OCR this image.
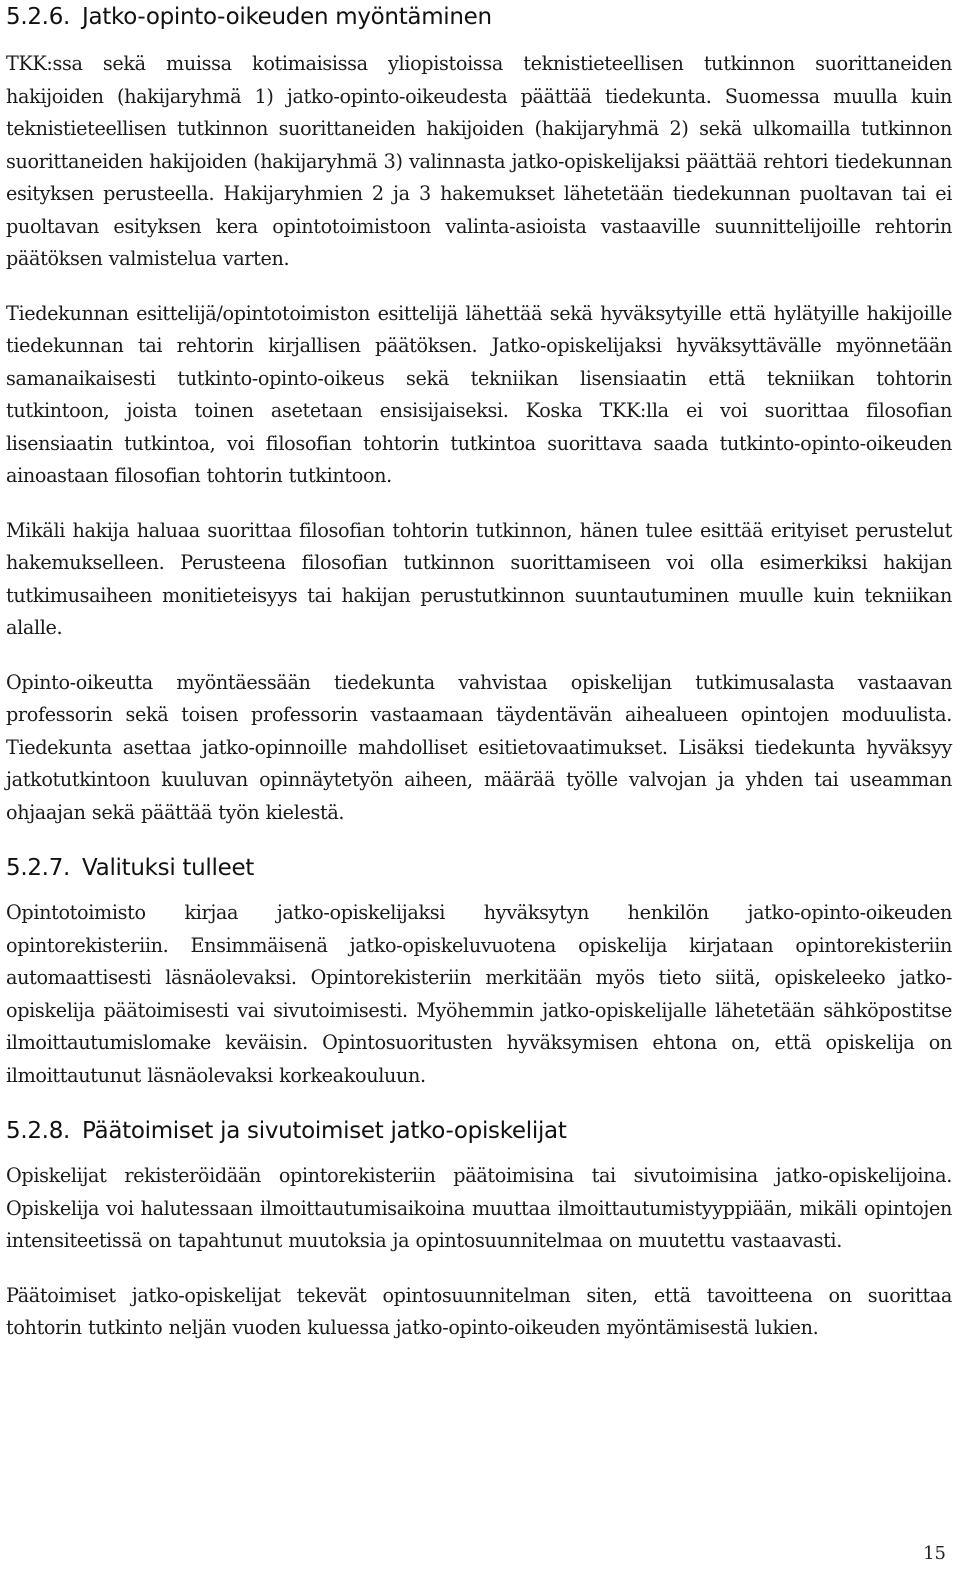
5.2.6. Jatko-opinto-oikeuden myöntäminen

TKK:ssa sekä muissa kotimaisissa yliopistoissa teknistieteellisen tutkinnon suorittaneiden hakijoiden (hakijaryhmä 1) jatko-opinto-oikeudesta päättää tiedekunta. Suomessa muulla kuin teknistieteellisen tutkinnon suorittaneiden hakijoiden (hakijaryhmä 2) sekä ulkomailla tutkinnon suorittaneiden hakijoiden (hakijaryhmä 3) valinnasta jatko-opiskelijaksi päättää rehtori tiedekunnan esityksen perusteella. Hakijaryhmien 2 ja 3 hakemukset lähetetään tiedekunnan puoltavan tai ei puoltavan esityksen kera opintotoimistoon valinta-asioista vastaaville suunnittelijoille rehtorin päätöksen valmistelua varten.

Tiedekunnan esittelijä/opintotoimiston esittelijä lähettää sekä hyväksytyille että hylätyille hakijoille tiedekunnan tai rehtorin kirjallisen päätöksen. Jatko-opiskelijaksi hyväksyttävälle myönnetään samanaikaisesti tutkinto-opinto-oikeus sekä tekniikan lisensiaatin että tekniikan tohtorin tutkintoon, joista toinen asetetaan ensisijaiseksi. Koska TKK:lla ei voi suorittaa filosofian lisensiaatin tutkintoa, voi filosofian tohtorin tutkintoa suorittava saada tutkinto-opinto-oikeuden ainoastaan filosofian tohtorin tutkintoon.

Mikäli hakija haluaa suorittaa filosofian tohtorin tutkinnon, hänen tulee esittää erityiset perustelut hakemukselleen. Perusteena filosofian tutkinnon suorittamiseen voi olla esimerkiksi hakijan tutkimusaiheen monitieteisyys tai hakijan perustutkinnon suuntautuminen muulle kuin tekniikan alalle.

Opinto-oikeutta myöntäessään tiedekunta vahvistaa opiskelijan tutkimusalasta vastaavan professorin sekä toisen professorin vastaamaan täydentävän aihealueen opintojen moduulista. Tiedekunta asettaa jatko-opinnoille mahdolliset esitietovaatimukset. Lisäksi tiedekunta hyväksyy jatkotutkintoon kuuluvan opinnäytetyön aiheen, määrää työlle valvojan ja yhden tai useamman ohjaajan sekä päättää työn kielestä.

5.2.7. Valituksi tulleet

Opintotoimisto kirjaa jatko-opiskelijaksi hyväksytyn henkilön jatko-opinto-oikeuden opintorekisteriin. Ensimmäisenä jatko-opiskeluvuotena opiskelija kirjataan opintorekisteriin automaattisesti läsnäolevaksi. Opintorekisteriin merkitään myös tieto siitä, opiskeleeko jatko-opiskelija päätoimisesti vai sivutoimisesti. Myöhemmin jatko-opiskelijalle lähetetään sähköpostitse ilmoittautumislomake keväisin. Opintosuoritusten hyväksymisen ehtona on, että opiskelija on ilmoittautunut läsnäolevaksi korkeakouluun.

5.2.8. Päätoimiset ja sivutoimiset jatko-opiskelijat

Opiskelijat rekisteröidään opintorekisteriin päätoimisina tai sivutoimisina jatko-opiskelijoina. Opiskelija voi halutessaan ilmoittautumisaikoina muuttaa ilmoittautumistyyppiään, mikäli opintojen intensiteetissä on tapahtunut muutoksia ja opintosuunnitelmaa on muutettu vastaavasti.

Päätoimiset jatko-opiskelijat tekevät opintosuunnitelman siten, että tavoitteena on suorittaa tohtorin tutkinto neljän vuoden kuluessa jatko-opinto-oikeuden myöntämisestä lukien.

15
